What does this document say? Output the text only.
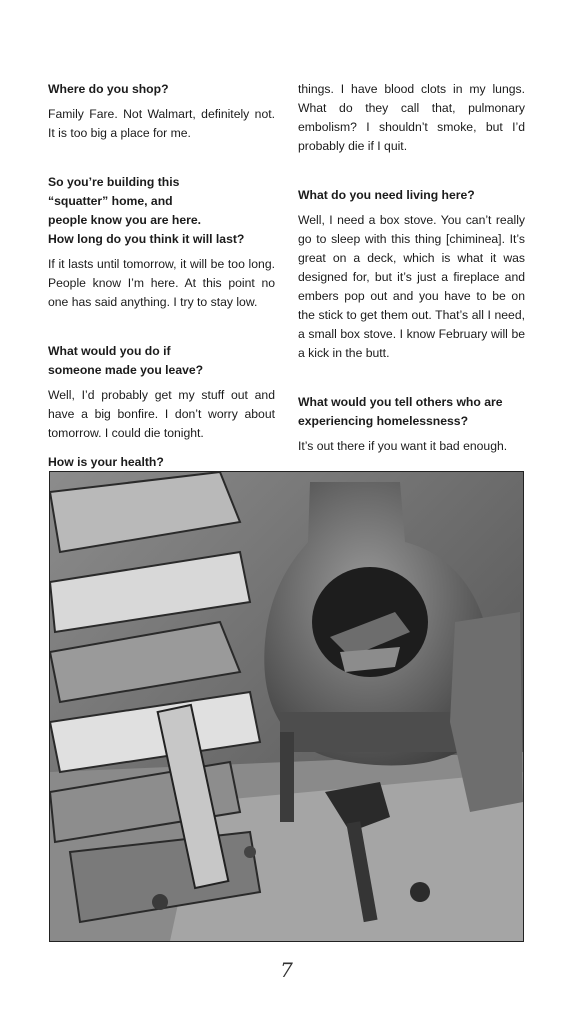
Where do you shop?
Family Fare. Not Walmart, definitely not. It is too big a place for me.

So you’re building this

“squatter” home, and

people know you are here.

How long do you think it will last?

If it lasts until tomorrow, it will be too long. People know I’m here. At this point no one has said anything. I try to stay low.

What would you do if

someone made you leave?

Well, I’d probably get my stuff out and have a big bonfire. I don’t worry about tomorrow. I could die tonight.
How is your health?
things. I have blood clots in my lungs. What do they call that, pulmonary embolism? I shouldn’t smoke, but I’d probably die if I quit.
What do you need living here?
Well, I need a box stove. You can’t really go to sleep with this thing [chiminea]. It’s great on a deck, which is what it was designed for, but it’s just a fireplace and embers pop out and you have to be on the stick to get them out. That’s all I need, a small box stove. I know February will be a kick in the butt.

What would you tell others who are

experiencing homelessness?

It’s out there if you want it bad enough.
7
